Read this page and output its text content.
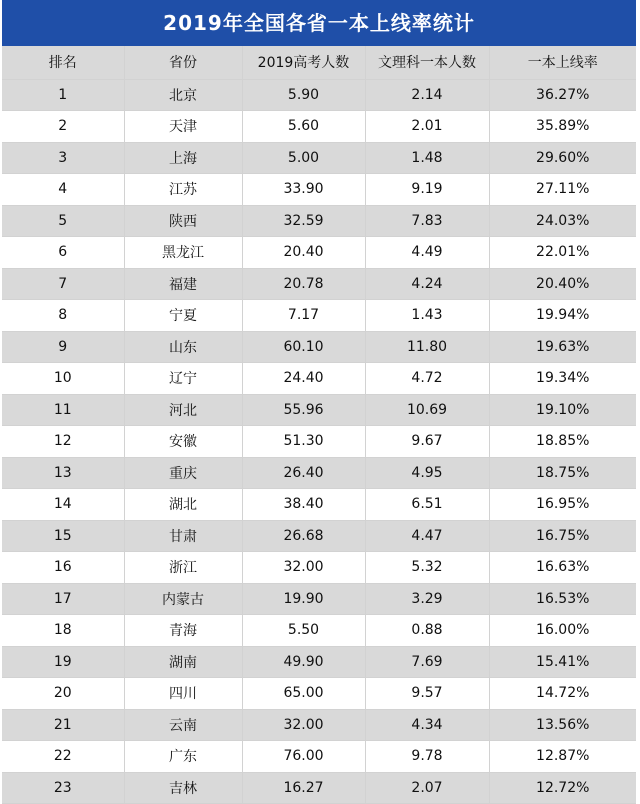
2019年全国各省一本上线率统计
排名	省份	2019高考人数	文理科一本人数	一本上线率
1	北京	5.90	2.14	36.27%
2	天津	5.60	2.01	35.89%
3	上海	5.00	1.48	29.60%
4	江苏	33.90	9.19	27.11%
5	陕西	32.59	7.83	24.03%
6	黑龙江	20.40	4.49	22.01%
7	福建	20.78	4.24	20.40%
8	宁夏	7.17	1.43	19.94%
9	山东	60.10	11.80	19.63%
10	辽宁	24.40	4.72	19.34%
11	河北	55.96	10.69	19.10%
12	安徽	51.30	9.67	18.85%
13	重庆	26.40	4.95	18.75%
14	湖北	38.40	6.51	16.95%
15	甘肃	26.68	4.47	16.75%
16	浙江	32.00	5.32	16.63%
17	内蒙古	19.90	3.29	16.53%
18	青海	5.50	0.88	16.00%
19	湖南	49.90	7.69	15.41%
20	四川	65.00	9.57	14.72%
21	云南	32.00	4.34	13.56%
22	广东	76.00	9.78	12.87%
23	吉林	16.27	2.07	12.72%
